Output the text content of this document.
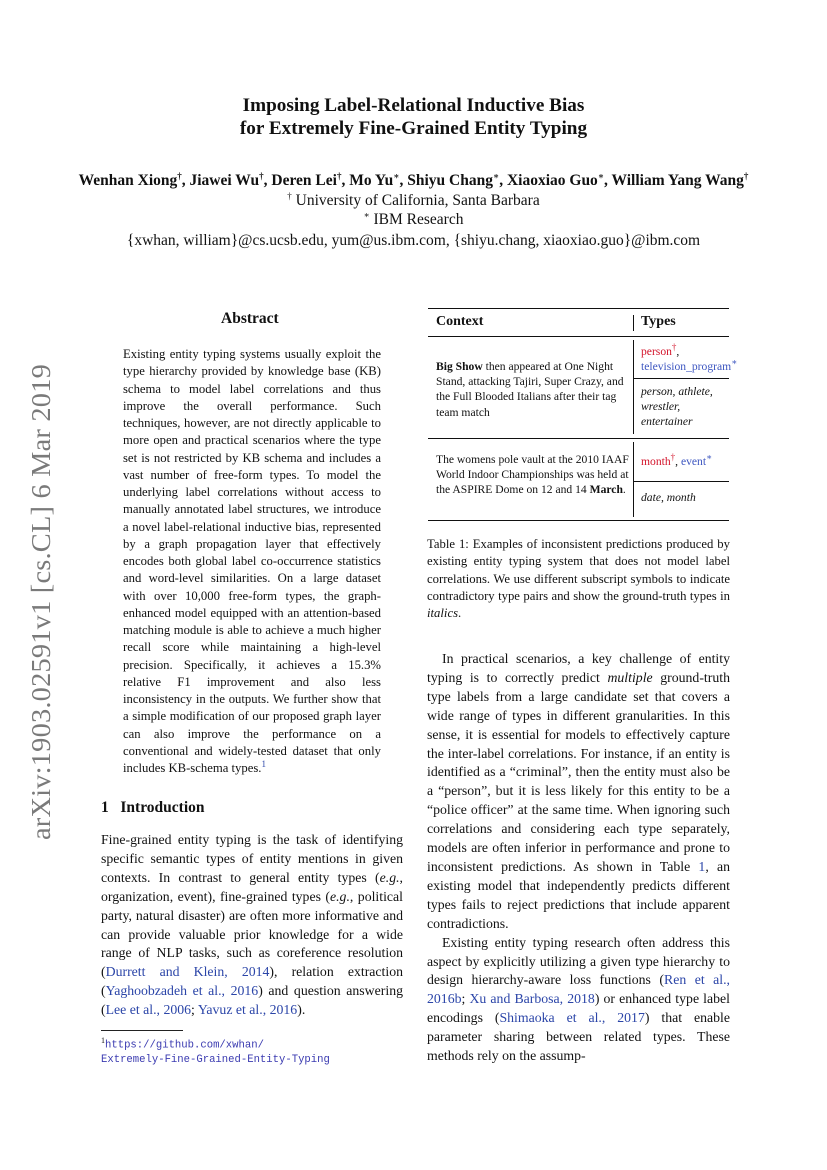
arXiv:1903.02591v1 [cs.CL] 6 Mar 2019
Imposing Label-Relational Inductive Bias
for Extremely Fine-Grained Entity Typing
Wenhan Xiong†, Jiawei Wu†, Deren Lei†, Mo Yu∗, Shiyu Chang∗, Xiaoxiao Guo∗, William Yang Wang†
† University of California, Santa Barbara
∗ IBM Research
{xwhan, william}@cs.ucsb.edu, yum@us.ibm.com, {shiyu.chang, xiaoxiao.guo}@ibm.com
Abstract
Existing entity typing systems usually exploit the type hierarchy provided by knowledge base (KB) schema to model label correlations and thus improve the overall performance. Such techniques, however, are not directly applicable to more open and practical scenarios where the type set is not restricted by KB schema and includes a vast number of free-form types. To model the underlying label correlations without access to manually annotated label structures, we introduce a novel label-relational inductive bias, represented by a graph propagation layer that effectively encodes both global label co-occurrence statistics and word-level similarities. On a large dataset with over 10,000 free-form types, the graph-enhanced model equipped with an attention-based matching module is able to achieve a much higher recall score while maintaining a high-level precision. Specifically, it achieves a 15.3% relative F1 improvement and also less inconsistency in the outputs. We further show that a simple modification of our proposed graph layer can also improve the performance on a conventional and widely-tested dataset that only includes KB-schema types.$^1$
1 Introduction
Fine-grained entity typing is the task of identifying specific semantic types of entity mentions in given contexts. In contrast to general entity types (e.g., organization, event), fine-grained types (e.g., political party, natural disaster) are often more informative and can provide valuable prior knowledge for a wide range of NLP tasks, such as coreference resolution (Durrett and Klein, 2014), relation extraction (Yaghoobzadeh et al., 2016) and question answering (Lee et al., 2006; Yavuz et al., 2016).
$^1$https://github.com/xwhan/
Extremely-Fine-Grained-Entity-Typing
Context	Types
Big Show then appeared at One Night Stand, attacking Tajiri, Super Crazy, and the Full Blooded Italians after their tag team match
person†, television_program∗
person, athlete, wrestler, entertainer
The womens pole vault at the 2010 IAAF World Indoor Championships was held at the ASPIRE Dome on 12 and 14 March.
month†, event∗
date, month
Table 1: Examples of inconsistent predictions produced by existing entity typing system that does not model label correlations. We use different subscript symbols to indicate contradictory type pairs and show the ground-truth types in italics.

In practical scenarios, a key challenge of entity typing is to correctly predict multiple ground-truth type labels from a large candidate set that covers a wide range of types in different granularities. In this sense, it is essential for models to effectively capture the inter-label correlations. For instance, if an entity is identified as a “criminal”, then the entity must also be a “person”, but it is less likely for this entity to be a “police officer” at the same time. When ignoring such correlations and considering each type separately, models are often inferior in performance and prone to inconsistent predictions. As shown in Table 1, an existing model that independently predicts different types fails to reject predictions that include apparent contradictions.

Existing entity typing research often address this aspect by explicitly utilizing a given type hierarchy to design hierarchy-aware loss functions (Ren et al., 2016b; Xu and Barbosa, 2018) or enhanced type label encodings (Shimaoka et al., 2017) that enable parameter sharing between related types. These methods rely on the assump-
